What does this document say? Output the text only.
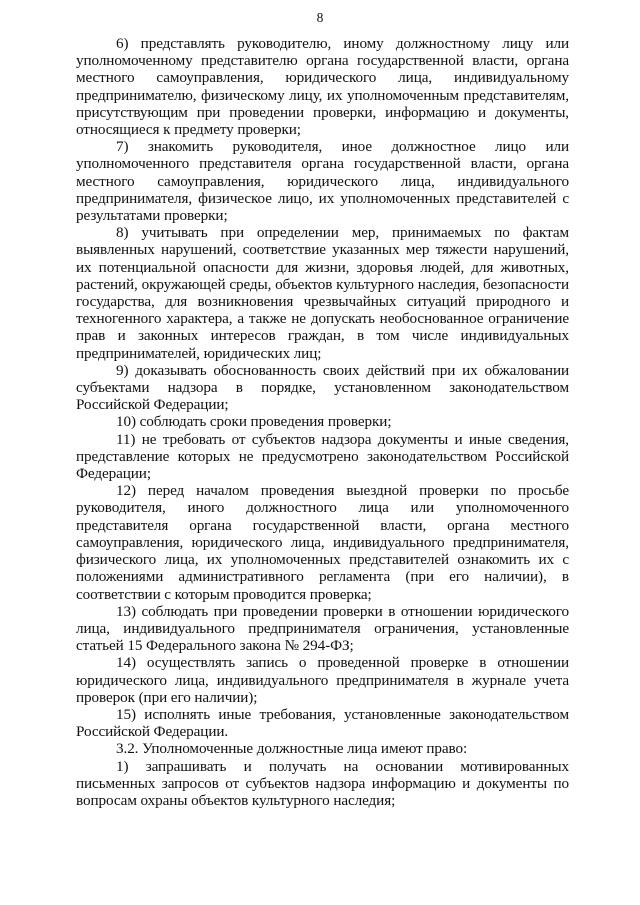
8

6) представлять руководителю, иному должностному лицу или уполномоченному представителю органа государственной власти, органа местного самоуправления, юридического лица, индивидуальному предпринимателю, физическому лицу, их уполномоченным представителям, присутствующим при проведении проверки, информацию и документы, относящиеся к предмету проверки;

7) знакомить руководителя, иное должностное лицо или уполномоченного представителя органа государственной власти, органа местного самоуправления, юридического лица, индивидуального предпринимателя, физическое лицо, их уполномоченных представителей с результатами проверки;

8) учитывать при определении мер, принимаемых по фактам выявленных нарушений, соответствие указанных мер тяжести нарушений, их потенциальной опасности для жизни, здоровья людей, для животных, растений, окружающей среды, объектов культурного наследия, безопасности государства, для возникновения чрезвычайных ситуаций природного и техногенного характера, а также не допускать необоснованное ограничение прав и законных интересов граждан, в том числе индивидуальных предпринимателей, юридических лиц;

9) доказывать обоснованность своих действий при их обжаловании субъектами надзора в порядке, установленном законодательством Российской Федерации;

10) соблюдать сроки проведения проверки;

11) не требовать от субъектов надзора документы и иные сведения, представление которых не предусмотрено законодательством Российской Федерации;

12) перед началом проведения выездной проверки по просьбе руководителя, иного должностного лица или уполномоченного представителя органа государственной власти, органа местного самоуправления, юридического лица, индивидуального предпринимателя, физического лица, их уполномоченных представителей ознакомить их с положениями административного регламента (при его наличии), в соответствии с которым проводится проверка;

13) соблюдать при проведении проверки в отношении юридического лица, индивидуального предпринимателя ограничения, установленные статьей 15 Федерального закона № 294-ФЗ;

14) осуществлять запись о проведенной проверке в отношении юридического лица, индивидуального предпринимателя в журнале учета проверок (при его наличии);

15) исполнять иные требования, установленные законодательством Российской Федерации.

3.2. Уполномоченные должностные лица имеют право:

1) запрашивать и получать на основании мотивированных письменных запросов от субъектов надзора информацию и документы по вопросам охраны объектов культурного наследия;
